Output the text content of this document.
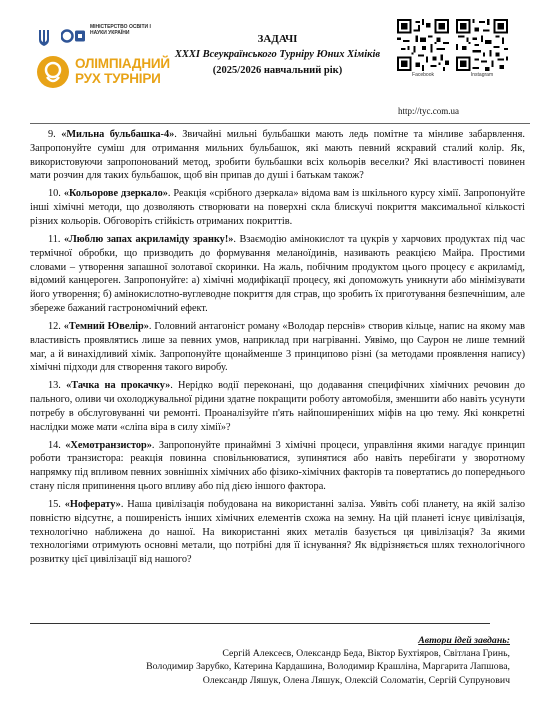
МІНІСТЕРСТВО ОСВІТИ І НАУКИ УКРАЇНИ
ОЛІМПІАДНИЙ
РУХ ТУРНІРИ
ЗАДАЧІ
XXXI Всеукраїнського Турніру Юних Хіміків
(2025/2026 навчальний рік)	Facebook	Instagram
http://tyc.com.ua

9. «Мильна бульбашка-4». Звичайні мильні бульбашки мають ледь помітне та мінливе забарвлення. Запропонуйте суміш для отримання мильних бульбашок, які мають певний яскравий сталий колір. Як, використовуючи запропонований метод, зробити бульбашки всіх кольорів веселки? Які властивості повинен мати розчин для таких бульбашок, щоб він припав до душі і батькам також?

10. «Кольорове дзеркало». Реакція «срібного дзеркала» відома вам із шкільного курсу хімії. Запропонуйте інші хімічні методи, що дозволяють створювати на поверхні скла блискучі покриття максимальної кількості різних кольорів. Обговоріть стійкість отриманих покриттів.

11. «Люблю запах акриламіду зранку!». Взаємодію амінокислот та цукрів у харчових продуктах під час термічної обробки, що призводить до формування меланоїдинів, називають реакцією Майра. Простими словами – утворення запашної золотавої скоринки. На жаль, побічним продуктом цього процесу є акриламід, відомий канцероген. Запропонуйте: а) хімічні модифікації процесу, які допоможуть уникнути або мінімізувати його утворення; б) амінокислотно-вуглеводне покриття для страв, що зробить їх приготування безпечнішим, але збереже бажаний гастрономічний ефект.

12. «Темний Ювелір». Головний антагоніст роману «Володар перснів» створив кільце, напис на якому мав властивість проявлятись лише за певних умов, наприклад при нагріванні. Уявімо, що Саурон не лише темний маг, а й винахідливий хімік. Запропонуйте щонайменше 3 принципово різні (за методами проявлення напису) хімічні підходи для створення такого виробу.

13. «Тачка на прокачку». Нерідко водії переконані, що додавання специфічних хімічних речовин до пального, оливи чи охолоджувальної рідини здатне покращити роботу автомобіля, зменшити або навіть усунути потребу в обслуговуванні чи ремонті. Проаналізуйте п'ять найпоширеніших міфів на цю тему. Які конкретні наслідки може мати «сліпа віра в силу хімії»?

14. «Хемотранзистор». Запропонуйте принаймні 3 хімічні процеси, управління якими нагадує принцип роботи транзистора: реакція повинна сповільнюватися, зупинятися або навіть перебігати у зворотному напрямку під впливом певних зовнішніх хімічних або фізико-хімічних факторів та повертатись до попереднього стану після припинення цього впливу або під дією іншого фактора.

15. «Нoферату». Наша цивілізація побудована на використанні заліза. Уявіть собі планету, на якій залізо повністю відсутнє, а поширеність інших хімічних елементів схожа на земну. На цій планеті існує цивілізація, технологічно наближена до нашої. На використанні яких металів базується ця цивілізація? За якими технологіями отримують основні метали, що потрібні для її існування? Як відрізняється шлях технологічного розвитку цієї цивілізації від нашого?

Автори ідей завдань:
Сергій Алексеєв, Олександр Беда, Віктор Бухтіяров, Світлана Гринь,
Володимир Зарубко, Катерина Кардашина, Володимир Крашліна, Маргарита Лапшова,
Олександр Ляшук, Олена Ляшук, Олексій Соломатін, Сергій Супрунович
